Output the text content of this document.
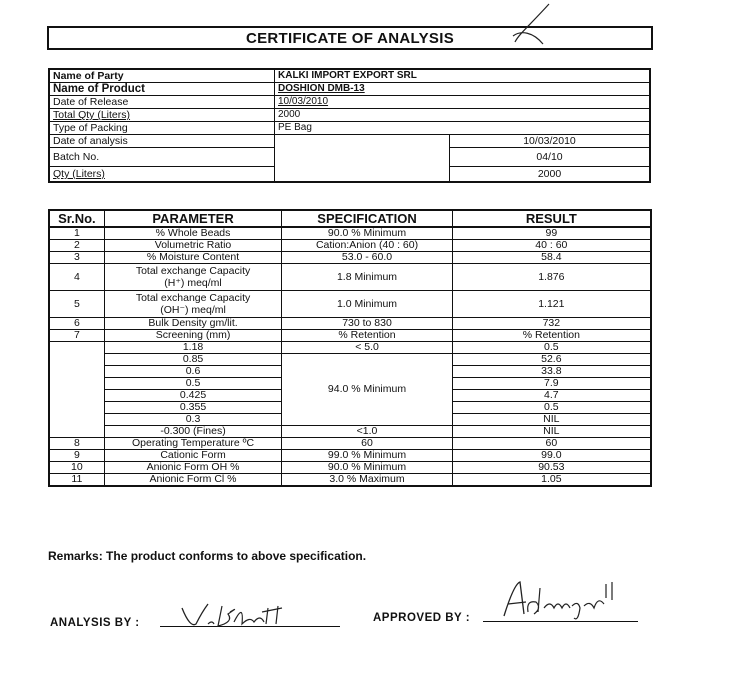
CERTIFICATE OF ANALYSIS
Name of Party	KALKI IMPORT EXPORT SRL	
Name of Product	DOSHION DMB-13	
Date of Release	10/03/2010	
Total Qty (Liters)	2000	
Type of Packing	PE Bag	
Date of analysis		10/03/2010
Batch No.		04/10
Qty (Liters)		2000
Sr.No.	PARAMETER	SPECIFICATION	RESULT
1	% Whole Beads	90.0 % Minimum	99
2	Volumetric Ratio	Cation:Anion (40 : 60)	40 : 60
3	% Moisture Content	53.0 - 60.0	58.4
4	Total exchange Capacity
(H⁺) meq/ml	1.8 Minimum	1.876
5	Total exchange Capacity
(OH⁻) meq/ml	1.0 Minimum	1.121
6	Bulk Density gm/lit.	730 to 830	732
7	Screening (mm)	% Retention	% Retention
	1.18	< 5.0	0.5
	0.85	94.0 % Minimum	52.6
	0.6		33.8
	0.5		7.9
	0.425		4.7
	0.355		0.5
	0.3		NIL
	-0.300 (Fines)	<1.0	NIL
8	Operating Temperature ºC	60	60
9	Cationic Form	99.0 % Minimum	99.0
10	Anionic Form OH %	90.0 % Minimum	90.53
11	Anionic Form Cl %	3.0 % Maximum	1.05
Remarks: The product conforms to above specification.
ANALYSIS BY :	APPROVED BY :
